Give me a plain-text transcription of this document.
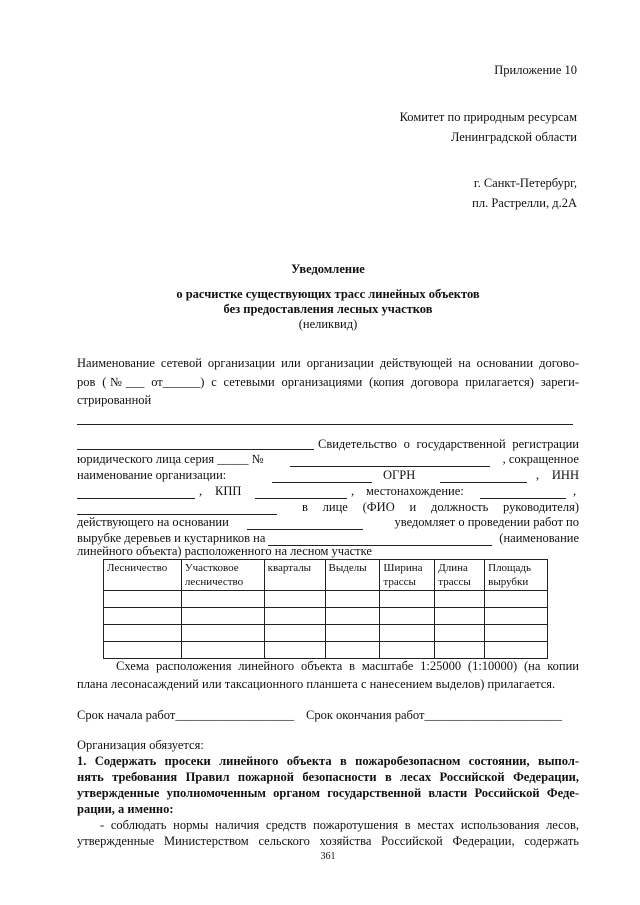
Приложение 10
Комитет по природным ресурсам
Ленинградской области
г. Санкт-Петербург,
пл. Растрелли, д.2А
Уведомление
о расчистке существующих трасс линейных объектов
без предоставления лесных участков
(неликвид)
Наименование сетевой организации или организации действующей на основании догово-
ров (№___ от______) с сетевыми организациями (копия договора прилагается) зареги-
стрированной
Свидетельство о государственной регистрации
юридического лица серия _____ №	, сокращенное
наименование организации:	ОГРН	, ИНН
, КПП	, местонахождение:	,
в лице (ФИО и должность руководителя)
действующего на основании	уведомляет о проведении работ по
вырубке деревьев и кустарников на	(наименование
линейного объекта) расположенного на лесном участке
Лесничество	Участковое лесничество	кварталы	Выделы	Ширина трассы	Длина трассы	Площадь вырубки

Схема расположения линейного объекта в масштабе 1:25000 (1:10000) (на копии
плана лесонасаждений или таксационного планшета с нанесением выделов) прилагается.
Срок начала работ___________________ Срок окончания работ______________________
Организация обязуется:
1. Содержать просеки линейного объекта в пожаробезопасном состоянии, выпол-
нять требования Правил пожарной безопасности в лесах Российской Федерации,
утвержденные уполномоченным органом государственной власти Российской Феде-
рации, а именно:
- соблюдать нормы наличия средств пожаротушения в местах использования лесов,
утвержденные Министерством сельского хозяйства Российской Федерации, содержать
361
